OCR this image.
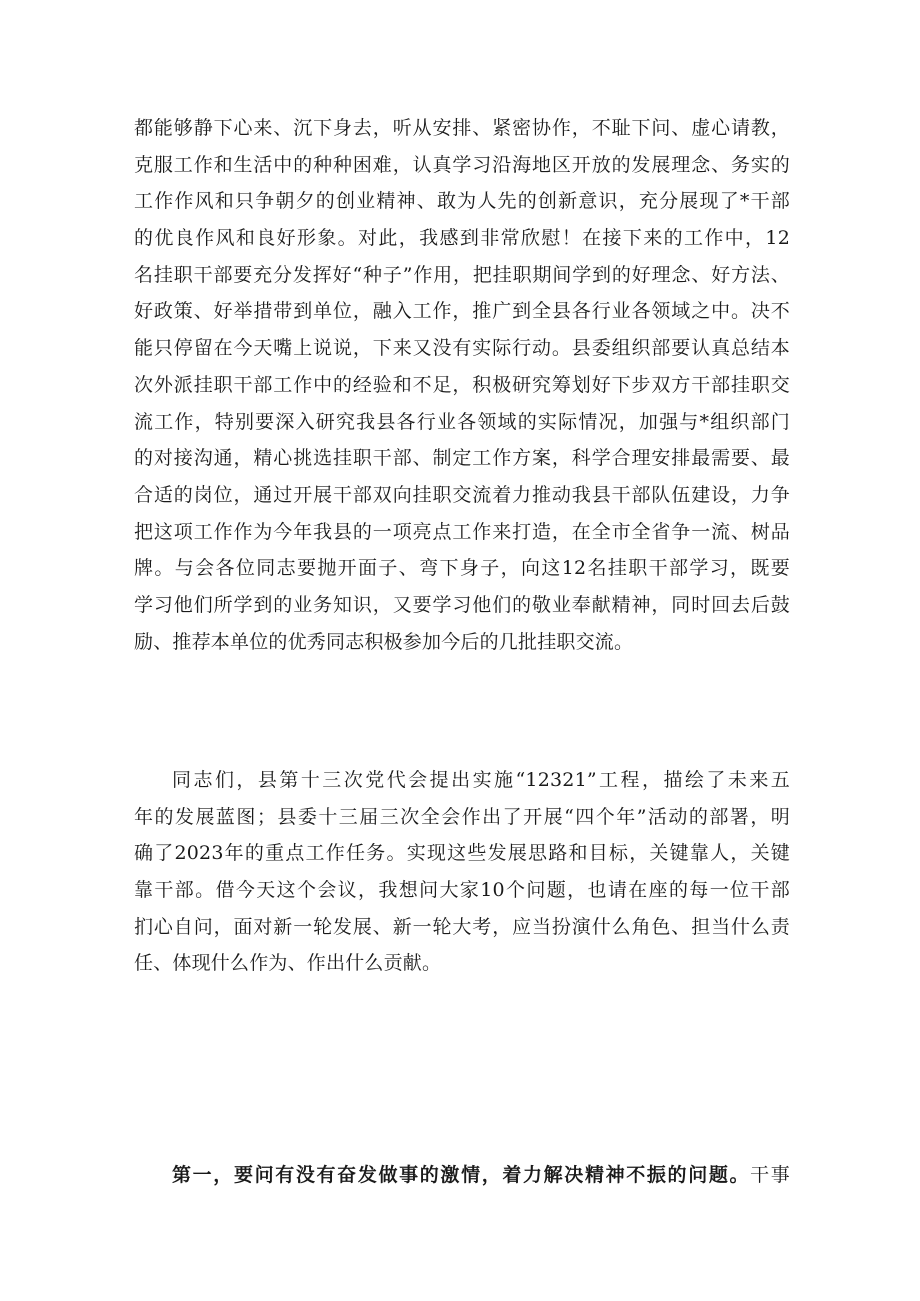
都能够静下心来、沉下身去，听从安排、紧密协作，不耻下问、虚心请教，
克服工作和生活中的种种困难，认真学习沿海地区开放的发展理念、务实的
工作作风和只争朝夕的创业精神、敢为人先的创新意识，充分展现了*干部
的优良作风和良好形象。对此，我感到非常欣慰！在接下来的工作中，12
名挂职干部要充分发挥好“种子”作用，把挂职期间学到的好理念、好方法、
好政策、好举措带到单位，融入工作，推广到全县各行业各领域之中。决不
能只停留在今天嘴上说说，下来又没有实际行动。县委组织部要认真总结本
次外派挂职干部工作中的经验和不足，积极研究筹划好下步双方干部挂职交
流工作，特别要深入研究我县各行业各领域的实际情况，加强与*组织部门
的对接沟通，精心挑选挂职干部、制定工作方案，科学合理安排最需要、最
合适的岗位，通过开展干部双向挂职交流着力推动我县干部队伍建设，力争
把这项工作作为今年我县的一项亮点工作来打造，在全市全省争一流、树品
牌。与会各位同志要抛开面子、弯下身子，向这12名挂职干部学习，既要
学习他们所学到的业务知识，又要学习他们的敬业奉献精神，同时回去后鼓
励、推荐本单位的优秀同志积极参加今后的几批挂职交流。
同志们，县第十三次党代会提出实施“12321”工程，描绘了未来五
年的发展蓝图；县委十三届三次全会作出了开展“四个年”活动的部署，明
确了2023年的重点工作任务。实现这些发展思路和目标，关键靠人，关键
靠干部。借今天这个会议，我想问大家10个问题，也请在座的每一位干部
扪心自问，面对新一轮发展、新一轮大考，应当扮演什么角色、担当什么责
任、体现什么作为、作出什么贡献。
第一，要问有没有奋发做事的激情，着力解决精神不振的问题。干事
